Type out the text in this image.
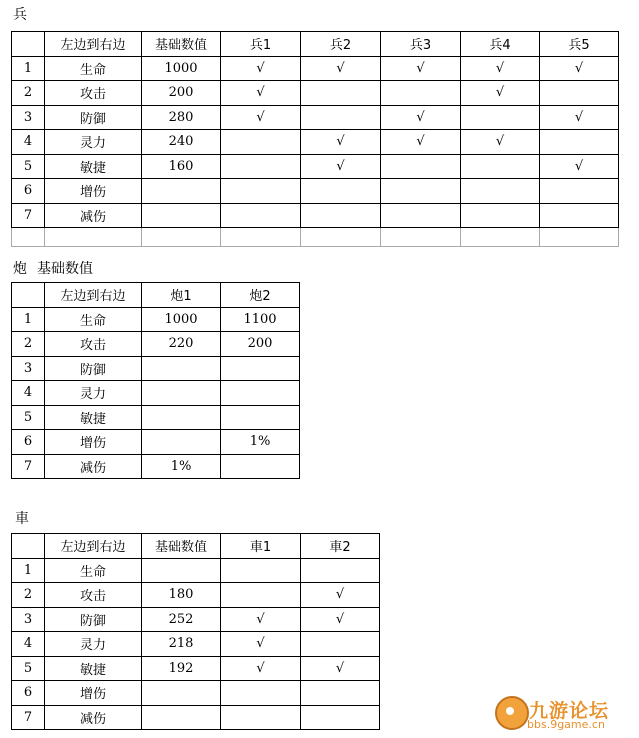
兵
	左边到右边	基础数值	兵1	兵2	兵3	兵4	兵5
1	生命	1000	√	√	√	√	√
2	攻击	200	√			√	
3	防御	280	√		√		√
4	灵力	240		√	√	√	
5	敏捷	160		√			√
6	增伤						
7	减伤						

炮 基础数值
	左边到右边	炮1	炮2
1	生命	1000	1100
2	攻击	220	200
3	防御		
4	灵力		
5	敏捷		
6	增伤		1%
7	减伤	1%	
車
	左边到右边	基础数值	車1	車2
1	生命			
2	攻击	180		√
3	防御	252	√	√
4	灵力	218	√	
5	敏捷	192	√	√
6	增伤			
7	减伤				九游论坛
bbs.9game.cn
